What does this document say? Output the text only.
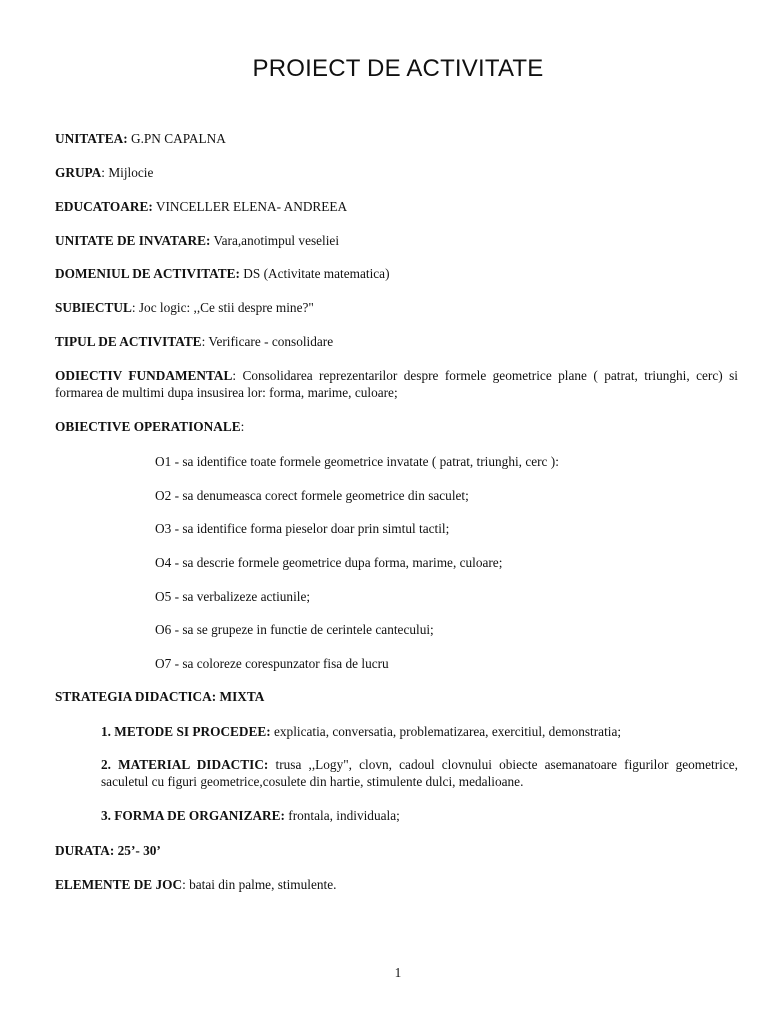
PROIECT DE ACTIVITATE
UNITATEA: G.PN CAPALNA
GRUPA: Mijlocie
EDUCATOARE: VINCELLER ELENA- ANDREEA
UNITATE DE INVATARE: Vara,anotimpul veseliei
DOMENIUL DE ACTIVITATE: DS (Activitate matematica)
SUBIECTUL: Joc logic: ,,Ce stii despre mine?"
TIPUL DE ACTIVITATE: Verificare - consolidare
ODIECTIV FUNDAMENTAL: Consolidarea reprezentarilor despre formele geometrice plane ( patrat, triunghi, cerc) si formarea de multimi dupa insusirea lor: forma, marime, culoare;
OBIECTIVE OPERATIONALE:
O1 - sa identifice toate formele geometrice invatate ( patrat, triunghi, cerc ):
O2 - sa denumeasca corect formele geometrice din saculet;
O3 - sa identifice forma pieselor doar prin simtul tactil;
O4 - sa descrie formele geometrice dupa forma, marime, culoare;
O5 - sa verbalizeze actiunile;
O6 - sa se grupeze in functie de cerintele cantecului;
O7 - sa coloreze corespunzator fisa de lucru
STRATEGIA DIDACTICA: MIXTA
1. METODE SI PROCEDEE: explicatia, conversatia, problematizarea, exercitiul, demonstratia;
2. MATERIAL DIDACTIC: trusa ,,Logy", clovn, cadoul clovnului obiecte asemanatoare figurilor geometrice, saculetul cu figuri geometrice,cosulete din hartie, stimulente dulci, medalioane.
3. FORMA DE ORGANIZARE: frontala, individuala;
DURATA: 25’- 30’
ELEMENTE DE JOC: batai din palme, stimulente.
1
